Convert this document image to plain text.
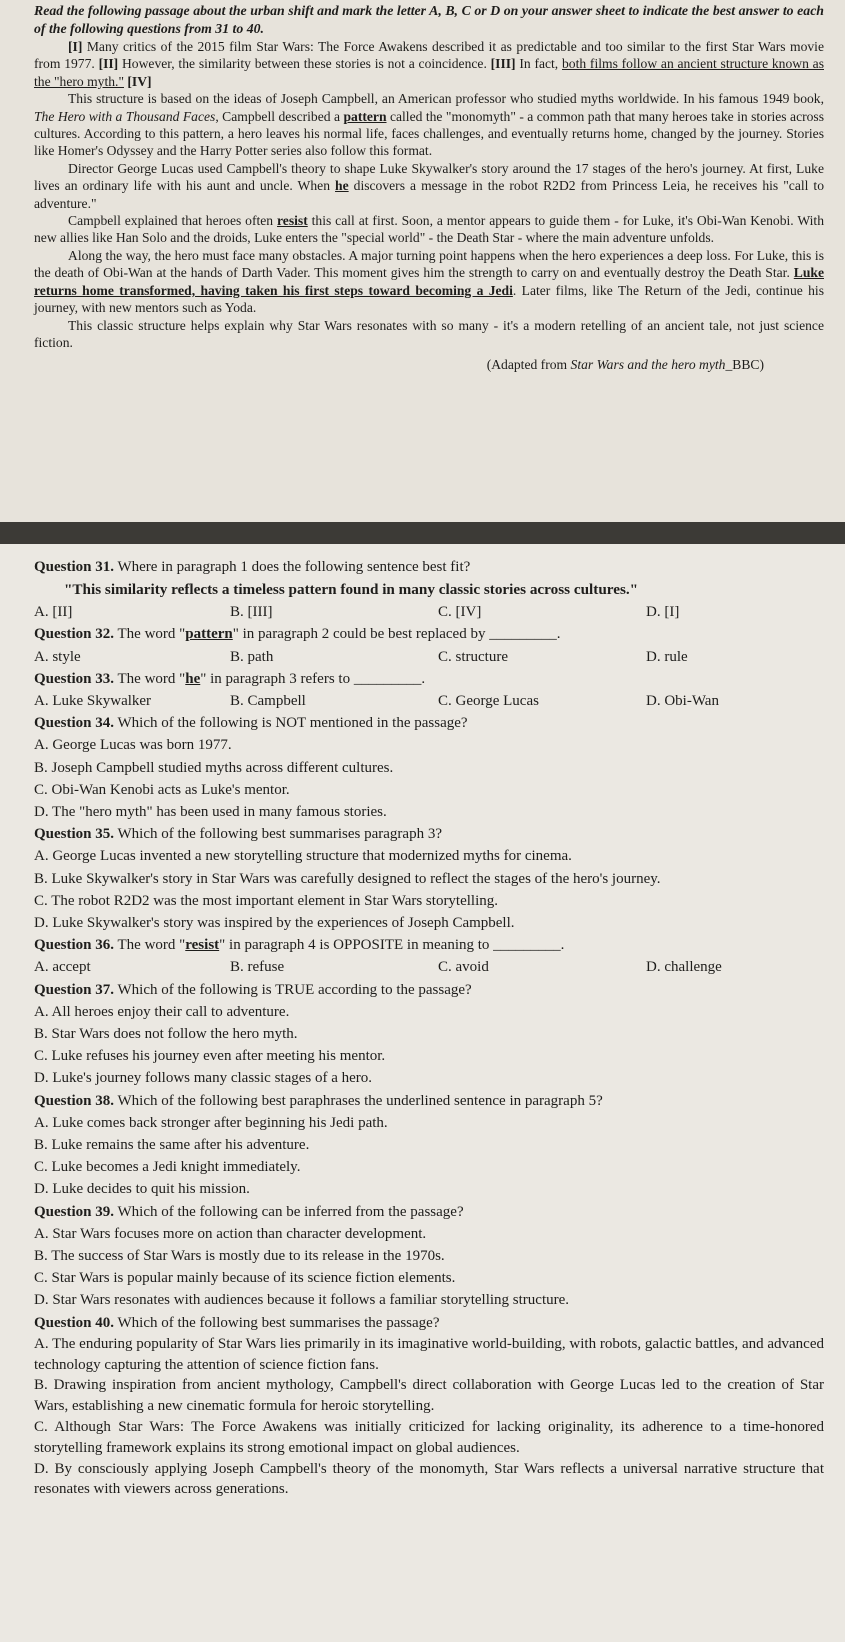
Read the following passage about the urban shift and mark the letter A, B, C or D on your answer sheet to indicate the best answer to each of the following questions from 31 to 40.

[I] Many critics of the 2015 film Star Wars: The Force Awakens described it as predictable and too similar to the first Star Wars movie from 1977. [II] However, the similarity between these stories is not a coincidence. [III] In fact, both films follow an ancient structure known as the "hero myth." [IV]

This structure is based on the ideas of Joseph Campbell, an American professor who studied myths worldwide. In his famous 1949 book, The Hero with a Thousand Faces, Campbell described a pattern called the "monomyth" - a common path that many heroes take in stories across cultures. According to this pattern, a hero leaves his normal life, faces challenges, and eventually returns home, changed by the journey. Stories like Homer's Odyssey and the Harry Potter series also follow this format.

Director George Lucas used Campbell's theory to shape Luke Skywalker's story around the 17 stages of the hero's journey. At first, Luke lives an ordinary life with his aunt and uncle. When he discovers a message in the robot R2D2 from Princess Leia, he receives his "call to adventure."

Campbell explained that heroes often resist this call at first. Soon, a mentor appears to guide them - for Luke, it's Obi-Wan Kenobi. With new allies like Han Solo and the droids, Luke enters the "special world" - the Death Star - where the main adventure unfolds.

Along the way, the hero must face many obstacles. A major turning point happens when the hero experiences a deep loss. For Luke, this is the death of Obi-Wan at the hands of Darth Vader. This moment gives him the strength to carry on and eventually destroy the Death Star. Luke returns home transformed, having taken his first steps toward becoming a Jedi. Later films, like The Return of the Jedi, continue his journey, with new mentors such as Yoda.

This classic structure helps explain why Star Wars resonates with so many - it's a modern retelling of an ancient tale, not just science fiction.

(Adapted from Star Wars and the hero myth_BBC)

Question 31. Where in paragraph 1 does the following sentence best fit?
"This similarity reflects a timeless pattern found in many classic stories across cultures."
A. [II]	B. [III]	C. [IV]	D. [I]
Question 32. The word "pattern" in paragraph 2 could be best replaced by _________.
A. style	B. path	C. structure	D. rule
Question 33. The word "he" in paragraph 3 refers to _________.
A. Luke Skywalker	B. Campbell	C. George Lucas	D. Obi-Wan
Question 34. Which of the following is NOT mentioned in the passage?
A. George Lucas was born 1977.
B. Joseph Campbell studied myths across different cultures.
C. Obi-Wan Kenobi acts as Luke's mentor.
D. The "hero myth" has been used in many famous stories.
Question 35. Which of the following best summarises paragraph 3?
A. George Lucas invented a new storytelling structure that modernized myths for cinema.
B. Luke Skywalker's story in Star Wars was carefully designed to reflect the stages of the hero's journey.
C. The robot R2D2 was the most important element in Star Wars storytelling.
D. Luke Skywalker's story was inspired by the experiences of Joseph Campbell.
Question 36. The word "resist" in paragraph 4 is OPPOSITE in meaning to _________.
A. accept	B. refuse	C. avoid	D. challenge
Question 37. Which of the following is TRUE according to the passage?
A. All heroes enjoy their call to adventure.
B. Star Wars does not follow the hero myth.
C. Luke refuses his journey even after meeting his mentor.
D. Luke's journey follows many classic stages of a hero.
Question 38. Which of the following best paraphrases the underlined sentence in paragraph 5?
A. Luke comes back stronger after beginning his Jedi path.
B. Luke remains the same after his adventure.
C. Luke becomes a Jedi knight immediately.
D. Luke decides to quit his mission.
Question 39. Which of the following can be inferred from the passage?
A. Star Wars focuses more on action than character development.
B. The success of Star Wars is mostly due to its release in the 1970s.
C. Star Wars is popular mainly because of its science fiction elements.
D. Star Wars resonates with audiences because it follows a familiar storytelling structure.
Question 40. Which of the following best summarises the passage?
A. The enduring popularity of Star Wars lies primarily in its imaginative world-building, with robots, galactic battles, and advanced technology capturing the attention of science fiction fans.
B. Drawing inspiration from ancient mythology, Campbell's direct collaboration with George Lucas led to the creation of Star Wars, establishing a new cinematic formula for heroic storytelling.
C. Although Star Wars: The Force Awakens was initially criticized for lacking originality, its adherence to a time-honored storytelling framework explains its strong emotional impact on global audiences.
D. By consciously applying Joseph Campbell's theory of the monomyth, Star Wars reflects a universal narrative structure that resonates with viewers across generations.
